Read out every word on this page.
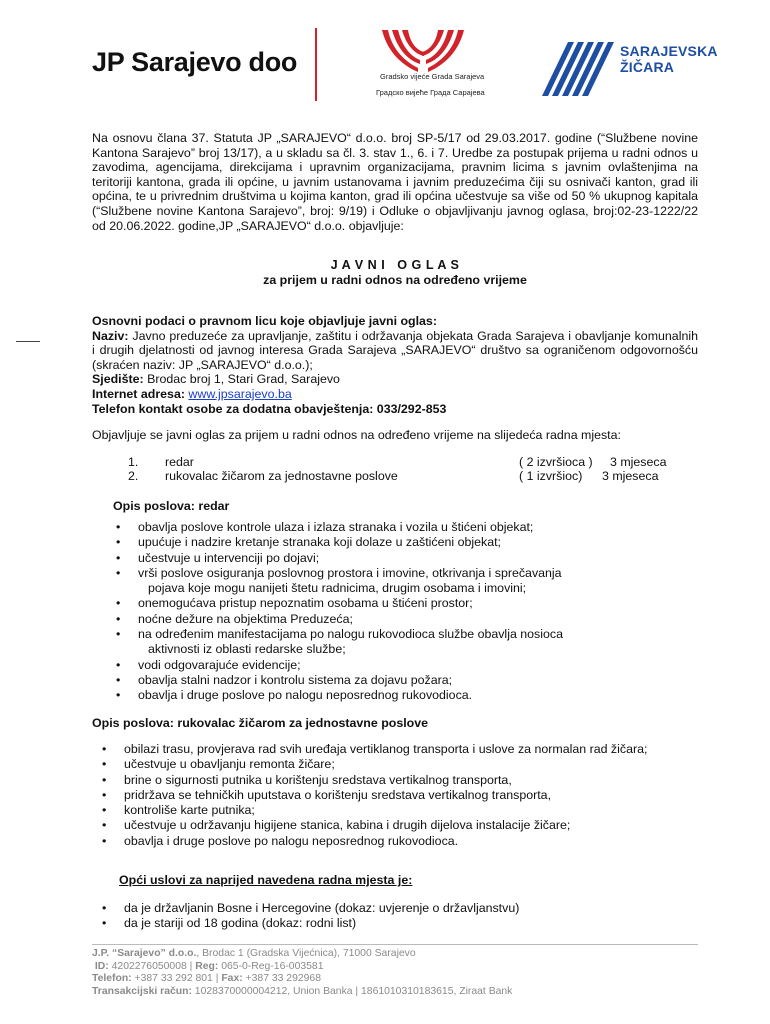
JP Sarajevo doo	Gradsko vijeće Grada Sarajeva
Градско вијеће Града Сарајева
SARAJEVSKA
ŽIČARA
Na osnovu člana 37. Statuta JP „SARAJEVO“ d.o.o. broj SP-5/17 od 29.03.2017. godine (“Službene novine Kantona Sarajevo” broj 13/17), a u skladu sa čl. 3. stav 1., 6. i 7. Uredbe za postupak prijema u radni odnos u zavodima, agencijama, direkcijama i upravnim organizacijama, pravnim licima s javnim ovlaštenjima na teritoriji kantona, grada ili općine, u javnim ustanovama i javnim preduzećima čiji su osnivači kanton, grad ili općina, te u privrednim društvima u kojima kanton, grad ili općina učestvuje sa više od 50 % ukupnog kapitala (“Službene novine Kantona Sarajevo”, broj: 9/19) i Odluke o objavljivanju javnog oglasa, broj:02-23-1222/22 od 20.06.2022. godine,JP „SARAJEVO“ d.o.o. objavljuje:
J A V N I   O G L A S
za prijem u radni odnos na određeno vrijeme
Osnovni podaci o pravnom licu koje objavljuje javni oglas:
Naziv: Javno preduzeće za upravljanje, zaštitu i održavanja objekata Grada Sarajeva i obavljanje komunalnih i drugih djelatnosti od javnog interesa Grada Sarajeva „SARAJEVO“ društvo sa ograničenom odgovornošću (skraćen naziv: JP „SARAJEVO“ d.o.o.);
Sjedište: Brodac broj 1, Stari Grad, Sarajevo
Internet adresa: www.jpsarajevo.ba
Telefon kontakt osobe za dodatna obavještenja: 033/292-853
Objavljuje se javni oglas za prijem u radni odnos na određeno vrijeme na slijedeća radna mjesta:
1. redar	( 2 izvršioca ) 3 mjeseca
2. rukovalac žičarom za jednostavne poslove	( 1 izvršioc) 3 mjeseca
Opis poslova: redar
• obavlja poslove kontrole ulaza i izlaza stranaka i vozila u štićeni objekat;
• upućuje i nadzire kretanje stranaka koji dolaze u zaštićeni objekat;
• učestvuje u intervenciji po dojavi;
• vrši poslove osiguranja poslovnog prostora i imovine, otkrivanja i sprečavanja
pojava koje mogu nanijeti štetu radnicima, drugim osobama i imovini;
• onemogućava pristup nepoznatim osobama u štićeni prostor;
• noćne dežure na objektima Preduzeća;
• na određenim manifestacijama po nalogu rukovodioca službe obavlja nosioca
aktivnosti iz oblasti redarske službe;
• vodi odgovarajuće evidencije;
• obavlja stalni nadzor i kontrolu sistema za dojavu požara;
• obavlja i druge poslove po nalogu neposrednog rukovodioca.
Opis poslova: rukovalac žičarom za jednostavne poslove
• obilazi trasu, provjerava rad svih uređaja vertiklanog transporta i uslove za normalan rad žičara;
• učestvuje u obavljanju remonta žičare;
• brine o sigurnosti putnika u korištenju sredstava vertikalnog transporta,
• pridržava se tehničkih uputstava o korištenju sredstava vertikalnog transporta,
• kontroliše karte putnika;
• učestvuje u održavanju higijene stanica, kabina i drugih dijelova instalacije žičare;
• obavlja i druge poslove po nalogu neposrednog rukovodioca.
Opći uslovi za naprijed navedena radna mjesta je:
• da je državljanin Bosne i Hercegovine (dokaz: uvjerenje o državljanstvu)
• da je stariji od 18 godina (dokaz: rodni list)
J.P. “Sarajevo” d.o.o., Brodac 1 (Gradska Vijećnica), 71000 Sarajevo
ID: 4202276050008 | Reg: 065-0-Reg-16-003581
Telefon: +387 33 292 801 | Fax: +387 33 292968
Transakcijski račun: 1028370000004212, Union Banka | 1861010310183615, Ziraat Bank
